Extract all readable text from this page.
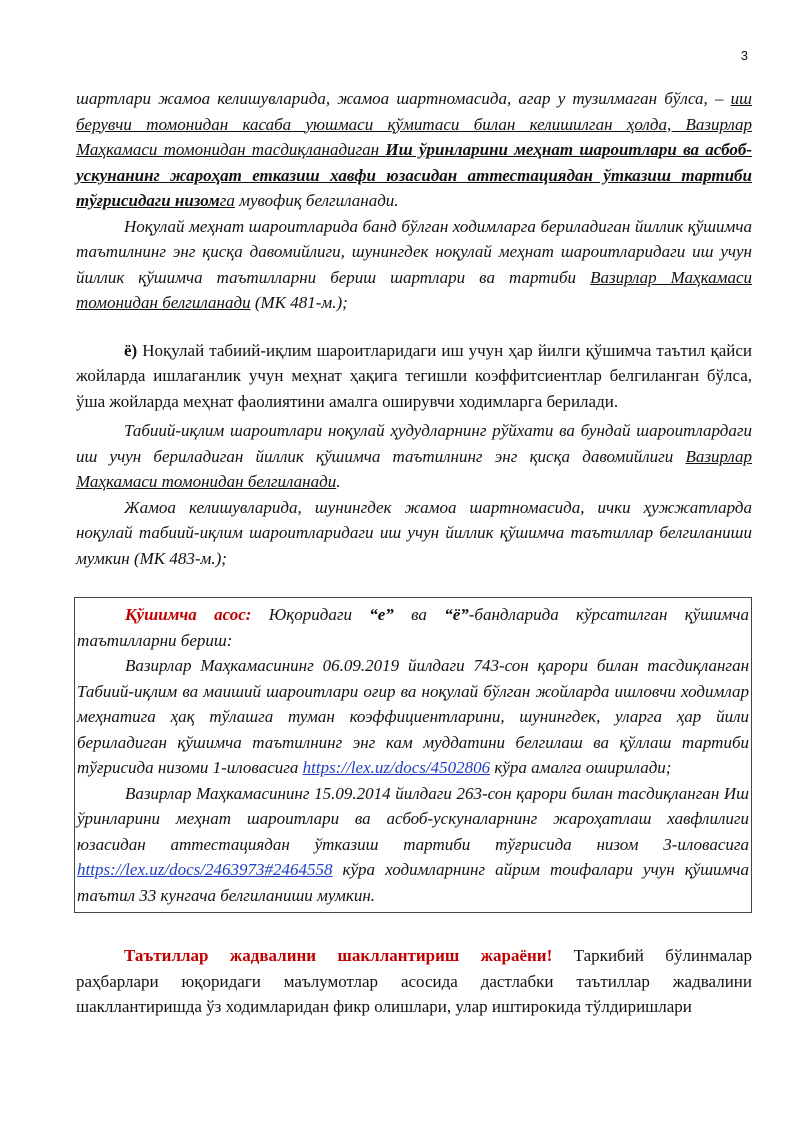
3

шартлари жамоа келишувларида, жамоа шартномасида, агар у тузилмаган бўлса, – иш берувчи томонидан касаба уюшмаси қўмитаси билан келишилган ҳолда, Вазирлар Маҳкамаси томонидан тасдиқланадиган Иш ўринларини меҳнат шароитлари ва асбоб-ускунанинг жароҳат етказиш хавфи юзасидан аттестациядан ўтказиш тартиби тўғрисидаги низомга мувофиқ белгиланади.

Ноқулай меҳнат шароитларида банд бўлган ходимларга бериладиган йиллик қўшимча таътилнинг энг қисқа давомийлиги, шунингдек ноқулай меҳнат шароитларидаги иш учун йиллик қўшимча таътилларни бериш шартлари ва тартиби Вазирлар Маҳкамаси томонидан белгиланади (МК 481-м.);

ё) Ноқулай табиий-иқлим шароитларидаги иш учун ҳар йилги қўшимча таътил қайси жойларда ишлаганлик учун меҳнат ҳақига тегишли коэффитсиентлар белгиланган бўлса, ўша жойларда меҳнат фаолиятини амалга оширувчи ходимларга берилади.

Табиий-иқлим шароитлари ноқулай ҳудудларнинг рўйхати ва бундай шароитлардаги иш учун бериладиган йиллик қўшимча таътилнинг энг қисқа давомийлиги Вазирлар Маҳкамаси томонидан белгиланади.

Жамоа келишувларида, шунингдек жамоа шартномасида, ички ҳужжатларда ноқулай табиий-иқлим шароитларидаги иш учун йиллик қўшимча таътиллар белгиланиши мумкин (МК 483-м.);

Қўшимча асос: Юқоридаги “е” ва “ё”-бандларида кўрсатилган қўшимча таътилларни бериш:

Вазирлар Маҳкамасининг 06.09.2019 йилдаги 743-сон қарори билан тасдиқланган Табиий-иқлим ва маиший шароитлари оғир ва ноқулай бўлган жойларда ишловчи ходимлар меҳнатига ҳақ тўлашга туман коэффициентларини, шунингдек, уларга ҳар йили бериладиган қўшимча таътилнинг энг кам муддатини белгилаш ва қўллаш тартиби тўғрисида низоми 1-иловасига https://lex.uz/docs/4502806 кўра амалга оширилади;

Вазирлар Маҳкамасининг 15.09.2014 йилдаги 263-сон қарори билан тасдиқланган Иш ўринларини меҳнат шароитлари ва асбоб-ускуналарнинг жароҳатлаш хавфлилиги юзасидан аттестациядан ўтказиш тартиби тўғрисида низом 3-иловасига https://lex.uz/docs/2463973#2464558 кўра ходимларнинг айрим тоифалари учун қўшимча таътил 33 кунгача белгиланиши мумкин.

Таътиллар жадвалини шакллантириш жараёни! Таркибий бўлинмалар раҳбарлари юқоридаги маълумотлар асосида дастлабки таътиллар жадвалини шакллантиришда ўз ходимларидан фикр олишлари, улар иштирокида тўлдиришлари
